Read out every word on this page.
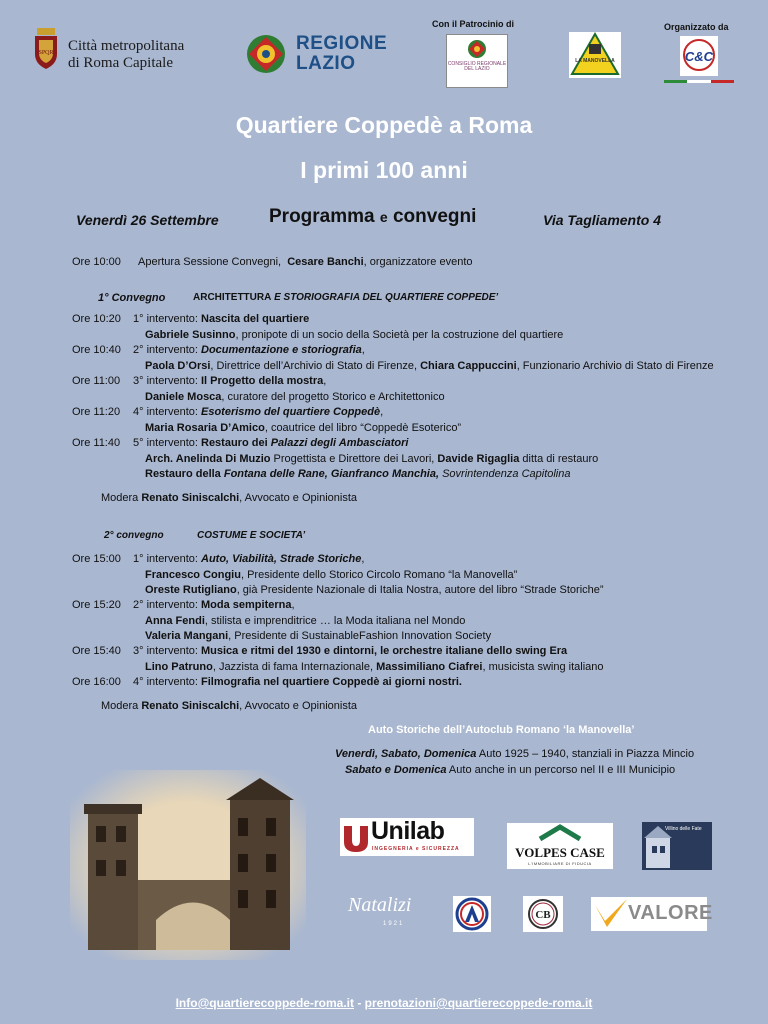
SPQR Città metropolitana
di Roma Capitale
REGIONE
LAZIO
Con il Patrocinio di
CONSIGLIO REGIONALE DEL LAZIO
LA MANOVELLA
Organizzato da
C&C
Quartiere Coppedè a Roma
I primi 100 anni
Venerdì 26 Settembre	Programma e convegni	Via Tagliamento 4
Ore 10:00 Apertura Sessione Convegni, Cesare Banchi, organizzatore evento
1° Convegno	ARCHITETTURA E STORIOGRAFIA DEL QUARTIERE COPPEDE’
Ore 10:20 1° intervento: Nascita del quartiere
Gabriele Susinno, pronipote di un socio della Società per la costruzione del quartiere
Ore 10:40 2° intervento: Documentazione e storiografia,
Paola D’Orsi, Direttrice dell’Archivio di Stato di Firenze, Chiara Cappuccini, Funzionario Archivio di Stato di Firenze
Ore 11:00 3° intervento: Il Progetto della mostra,
Daniele Mosca, curatore del progetto Storico e Architettonico
Ore 11:20 4° intervento: Esoterismo del quartiere Coppedè,
Maria Rosaria D’Amico, coautrice del libro “Coppedè Esoterico”
Ore 11:40 5° intervento: Restauro dei Palazzi degli Ambasciatori
Arch. Anelinda Di Muzio Progettista e Direttore dei Lavori, Davide Rigaglia ditta di restauro
Restauro della Fontana delle Rane, Gianfranco Manchia, Sovrintendenza Capitolina
Modera Renato Siniscalchi, Avvocato e Opinionista
2° convegno	COSTUME E SOCIETA’
Ore 15:00 1° intervento: Auto, Viabilità, Strade Storiche,
Francesco Congiu, Presidente dello Storico Circolo Romano “la Manovella”
Oreste Rutigliano, già Presidente Nazionale di Italia Nostra, autore del libro “Strade Storiche”
Ore 15:20 2° intervento: Moda sempiterna,
Anna Fendi, stilista e imprenditrice … la Moda italiana nel Mondo
Valeria Mangani, Presidente di SustainableFashion Innovation Society
Ore 15:40 3° intervento: Musica e ritmi del 1930 e dintorni, le orchestre italiane dello swing Era
Lino Patruno, Jazzista di fama Internazionale, Massimiliano Ciafrei, musicista swing italiano
Ore 16:00 4° intervento: Filmografia nel quartiere Coppedè ai giorni nostri.
Modera Renato Siniscalchi, Avvocato e Opinionista
Auto Storiche dell’Autoclub Romano ‘la Manovella’
Venerdì, Sabato, Domenica Auto 1925 – 1940, stanziali in Piazza Mincio
Sabato e Domenica Auto anche in un percorso nel II e III Municipio
Unilab
INGEGNERIA e SICUREZZA	VOLPES CASE
L'IMMOBILIARE DI FIDUCIA
Villino delle Fate
Natalizi
1921
CB	VALORE
Info@quartierecoppede-roma.it - prenotazioni@quartierecoppede-roma.it
